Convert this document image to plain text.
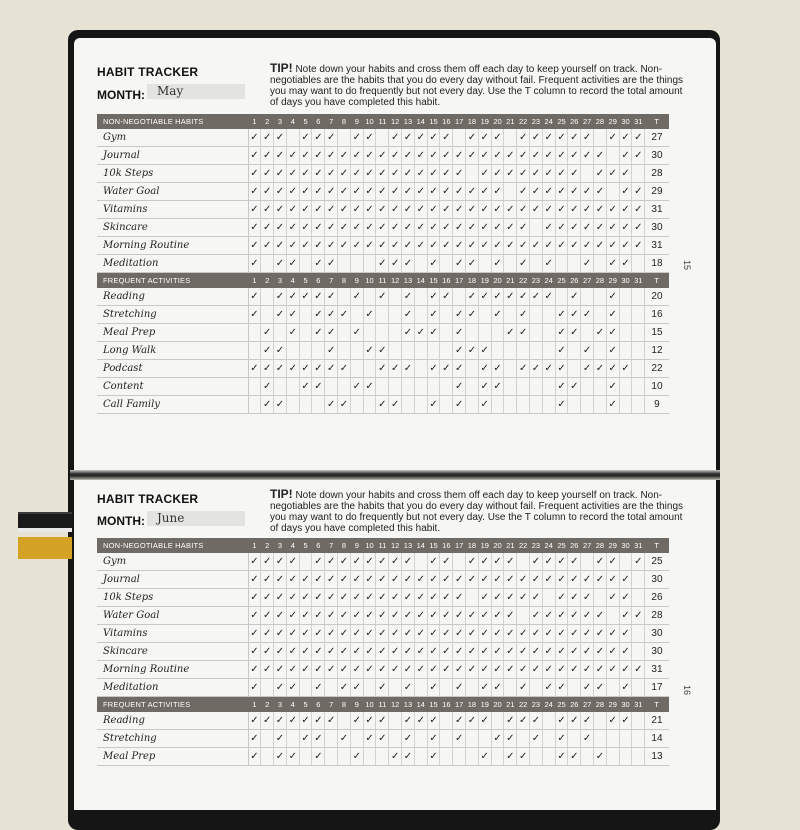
HABIT TRACKER
MONTH:	May
TIP! Note down your habits and cross them off each day to keep yourself on track. Non-negotiables are the habits that you do every day without fail. Frequent activities are the things you may want to do frequently but not every day. Use the T column to record the total amount of days you have completed this habit.
NON-NEGOTIABLE HABITS	1	2	3	4	5	6	7	8	9	10	11	12	13	14	15	16	17	18	19	20	21	22	23	24	25	26	27	28	29	30	31	T
Gym	✓	✓	✓		✓	✓	✓		✓	✓		✓	✓	✓	✓	✓		✓	✓	✓		✓	✓	✓	✓	✓	✓		✓	✓	✓	27
Journal	✓	✓	✓	✓	✓	✓	✓	✓	✓	✓	✓	✓	✓	✓	✓	✓	✓	✓	✓	✓	✓	✓	✓	✓	✓	✓	✓	✓		✓	✓	30
10k Steps	✓	✓	✓	✓	✓	✓	✓	✓	✓	✓	✓	✓	✓	✓	✓	✓	✓		✓	✓	✓	✓	✓	✓	✓	✓		✓	✓	✓		28
Water Goal	✓	✓	✓	✓	✓	✓	✓	✓	✓	✓	✓	✓	✓	✓	✓	✓	✓	✓	✓	✓		✓	✓	✓	✓	✓	✓	✓		✓	✓	29
Vitamins	✓	✓	✓	✓	✓	✓	✓	✓	✓	✓	✓	✓	✓	✓	✓	✓	✓	✓	✓	✓	✓	✓	✓	✓	✓	✓	✓	✓	✓	✓	✓	31
Skincare	✓	✓	✓	✓	✓	✓	✓	✓	✓	✓	✓	✓	✓	✓	✓	✓	✓	✓	✓	✓	✓	✓		✓	✓	✓	✓	✓	✓	✓	✓	30
Morning Routine	✓	✓	✓	✓	✓	✓	✓	✓	✓	✓	✓	✓	✓	✓	✓	✓	✓	✓	✓	✓	✓	✓	✓	✓	✓	✓	✓	✓	✓	✓	✓	31
Meditation	✓		✓	✓		✓	✓				✓	✓	✓		✓		✓	✓		✓		✓		✓			✓		✓	✓		18
FREQUENT ACTIVITIES	1	2	3	4	5	6	7	8	9	10	11	12	13	14	15	16	17	18	19	20	21	22	23	24	25	26	27	28	29	30	31	T
Reading	✓		✓	✓	✓	✓	✓		✓		✓		✓		✓	✓		✓	✓	✓	✓	✓	✓	✓		✓			✓			20
Stretching	✓		✓	✓		✓	✓	✓		✓			✓		✓		✓	✓		✓		✓			✓	✓	✓		✓			16
Meal Prep		✓		✓		✓	✓		✓				✓	✓	✓		✓				✓	✓			✓	✓		✓	✓			15
Long Walk		✓	✓				✓			✓	✓						✓	✓	✓						✓		✓		✓			12
Podcast	✓	✓	✓	✓	✓	✓	✓	✓			✓	✓	✓		✓	✓	✓		✓	✓		✓	✓	✓	✓		✓	✓	✓	✓		22
Content		✓			✓	✓			✓	✓							✓		✓	✓					✓	✓			✓			10
Call Family		✓	✓				✓	✓			✓	✓			✓		✓		✓						✓				✓			9
15
HABIT TRACKER
MONTH:	June
TIP! Note down your habits and cross them off each day to keep yourself on track. Non-negotiables are the habits that you do every day without fail. Frequent activities are the things you may want to do frequently but not every day. Use the T column to record the total amount of days you have completed this habit.
NON-NEGOTIABLE HABITS	1	2	3	4	5	6	7	8	9	10	11	12	13	14	15	16	17	18	19	20	21	22	23	24	25	26	27	28	29	30	31	T
Gym	✓	✓	✓	✓		✓	✓	✓	✓	✓	✓	✓	✓		✓	✓		✓	✓	✓	✓		✓	✓	✓	✓		✓	✓		✓	25
Journal	✓	✓	✓	✓	✓	✓	✓	✓	✓	✓	✓	✓	✓	✓	✓	✓	✓	✓	✓	✓	✓	✓	✓	✓	✓	✓	✓	✓	✓	✓		30
10k Steps	✓	✓	✓	✓	✓	✓	✓	✓	✓	✓	✓	✓	✓	✓	✓	✓	✓		✓	✓	✓	✓	✓		✓	✓	✓		✓	✓		26
Water Goal	✓	✓	✓	✓	✓	✓	✓	✓	✓	✓	✓	✓	✓	✓	✓	✓	✓	✓	✓	✓	✓		✓	✓	✓	✓	✓	✓		✓	✓	28
Vitamins	✓	✓	✓	✓	✓	✓	✓	✓	✓	✓	✓	✓	✓	✓	✓	✓	✓	✓	✓	✓	✓	✓	✓	✓	✓	✓	✓	✓	✓	✓		30
Skincare	✓	✓	✓	✓	✓	✓	✓	✓	✓	✓	✓	✓	✓	✓	✓	✓	✓	✓	✓	✓	✓	✓	✓	✓	✓	✓	✓	✓	✓	✓		30
Morning Routine	✓	✓	✓	✓	✓	✓	✓	✓	✓	✓	✓	✓	✓	✓	✓	✓	✓	✓	✓	✓	✓	✓	✓	✓	✓	✓	✓	✓	✓	✓	✓	31
Meditation	✓		✓	✓		✓		✓	✓		✓		✓		✓		✓		✓	✓		✓		✓	✓		✓	✓		✓		17
FREQUENT ACTIVITIES	1	2	3	4	5	6	7	8	9	10	11	12	13	14	15	16	17	18	19	20	21	22	23	24	25	26	27	28	29	30	31	T
Reading	✓	✓	✓	✓	✓	✓	✓		✓	✓	✓		✓	✓	✓		✓	✓	✓		✓	✓	✓		✓	✓	✓		✓	✓		21
Stretching	✓		✓		✓	✓		✓		✓	✓		✓		✓		✓			✓	✓		✓		✓		✓					14
Meal Prep	✓		✓	✓		✓			✓			✓	✓		✓				✓		✓	✓			✓	✓		✓				13
16
